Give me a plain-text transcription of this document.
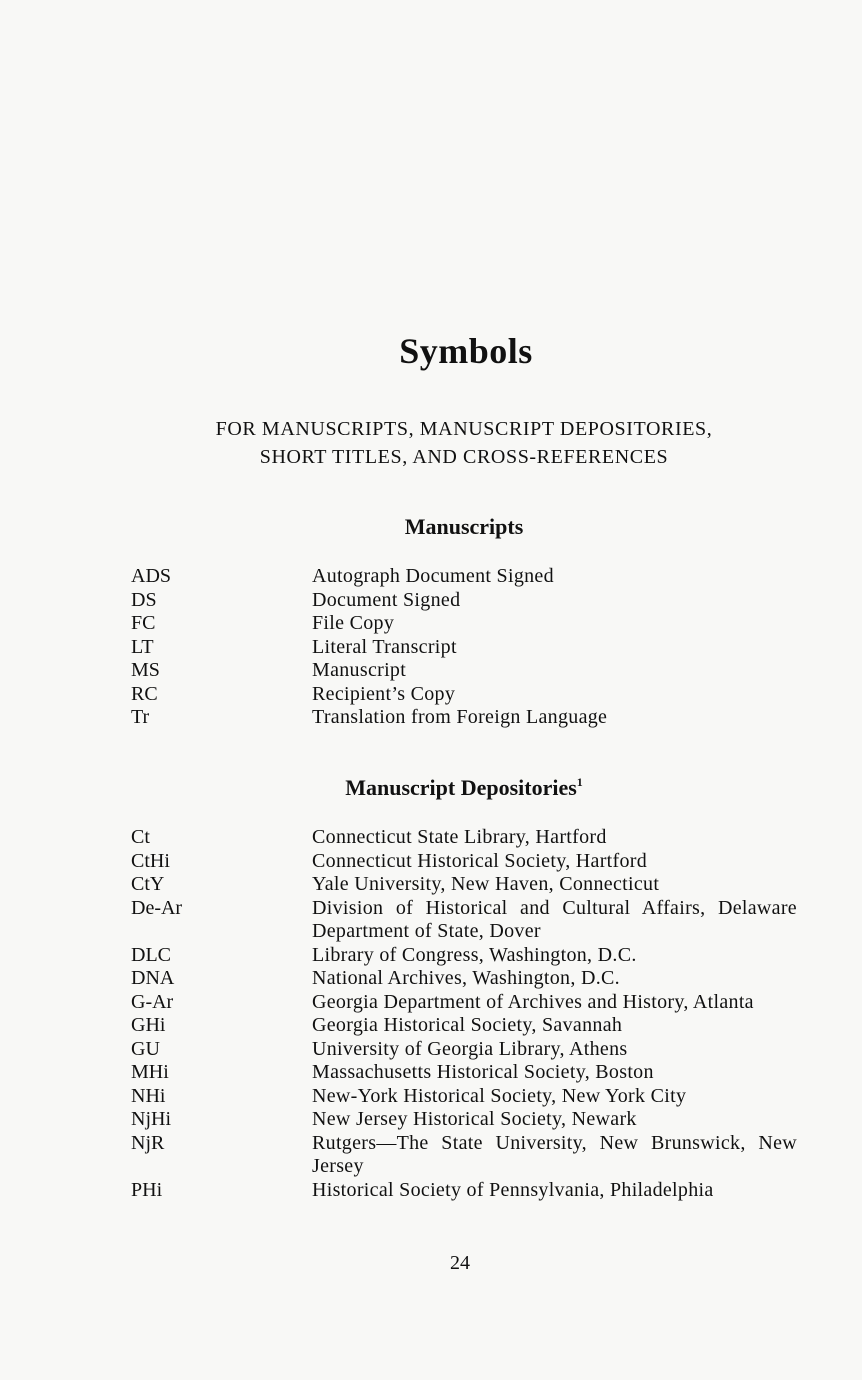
Symbols
FOR MANUSCRIPTS, MANUSCRIPT DEPOSITORIES,
SHORT TITLES, AND CROSS-REFERENCES
Manuscripts
ADS	Autograph Document Signed
DS	Document Signed
FC	File Copy
LT	Literal Transcript
MS	Manuscript
RC	Recipient’s Copy
Tr	Translation from Foreign Language
Manuscript Depositories$^1$
Ct	Connecticut State Library, Hartford
CtHi	Connecticut Historical Society, Hartford
CtY	Yale University, New Haven, Connecticut
De-Ar	Division of Historical and Cultural Affairs, Delaware Department of State, Dover
DLC	Library of Congress, Washington, D.C.
DNA	National Archives, Washington, D.C.
G-Ar	Georgia Department of Archives and History, Atlanta
GHi	Georgia Historical Society, Savannah
GU	University of Georgia Library, Athens
MHi	Massachusetts Historical Society, Boston
NHi	New-York Historical Society, New York City
NjHi	New Jersey Historical Society, Newark
NjR	Rutgers—The State University, New Brunswick, New Jersey
PHi	Historical Society of Pennsylvania, Philadelphia
24
